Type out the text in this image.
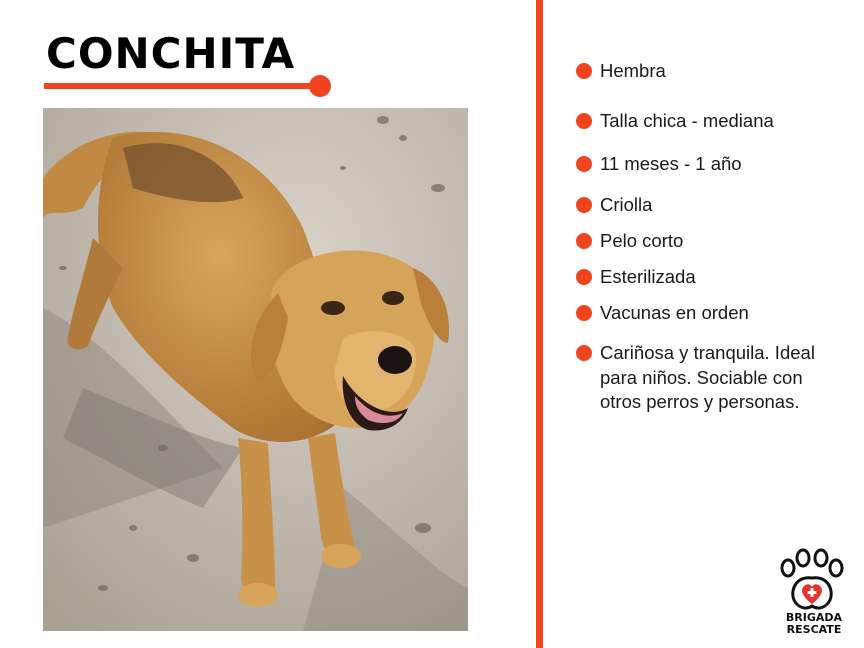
CONCHITA	Hembra
Talla chica - mediana
11 meses - 1 año
Criolla
Pelo corto
Esterilizada
Vacunas en orden
Cariñosa y tranquila. Ideal para niños. Sociable con otros perros y personas.
BRIGADA
RESCATE
